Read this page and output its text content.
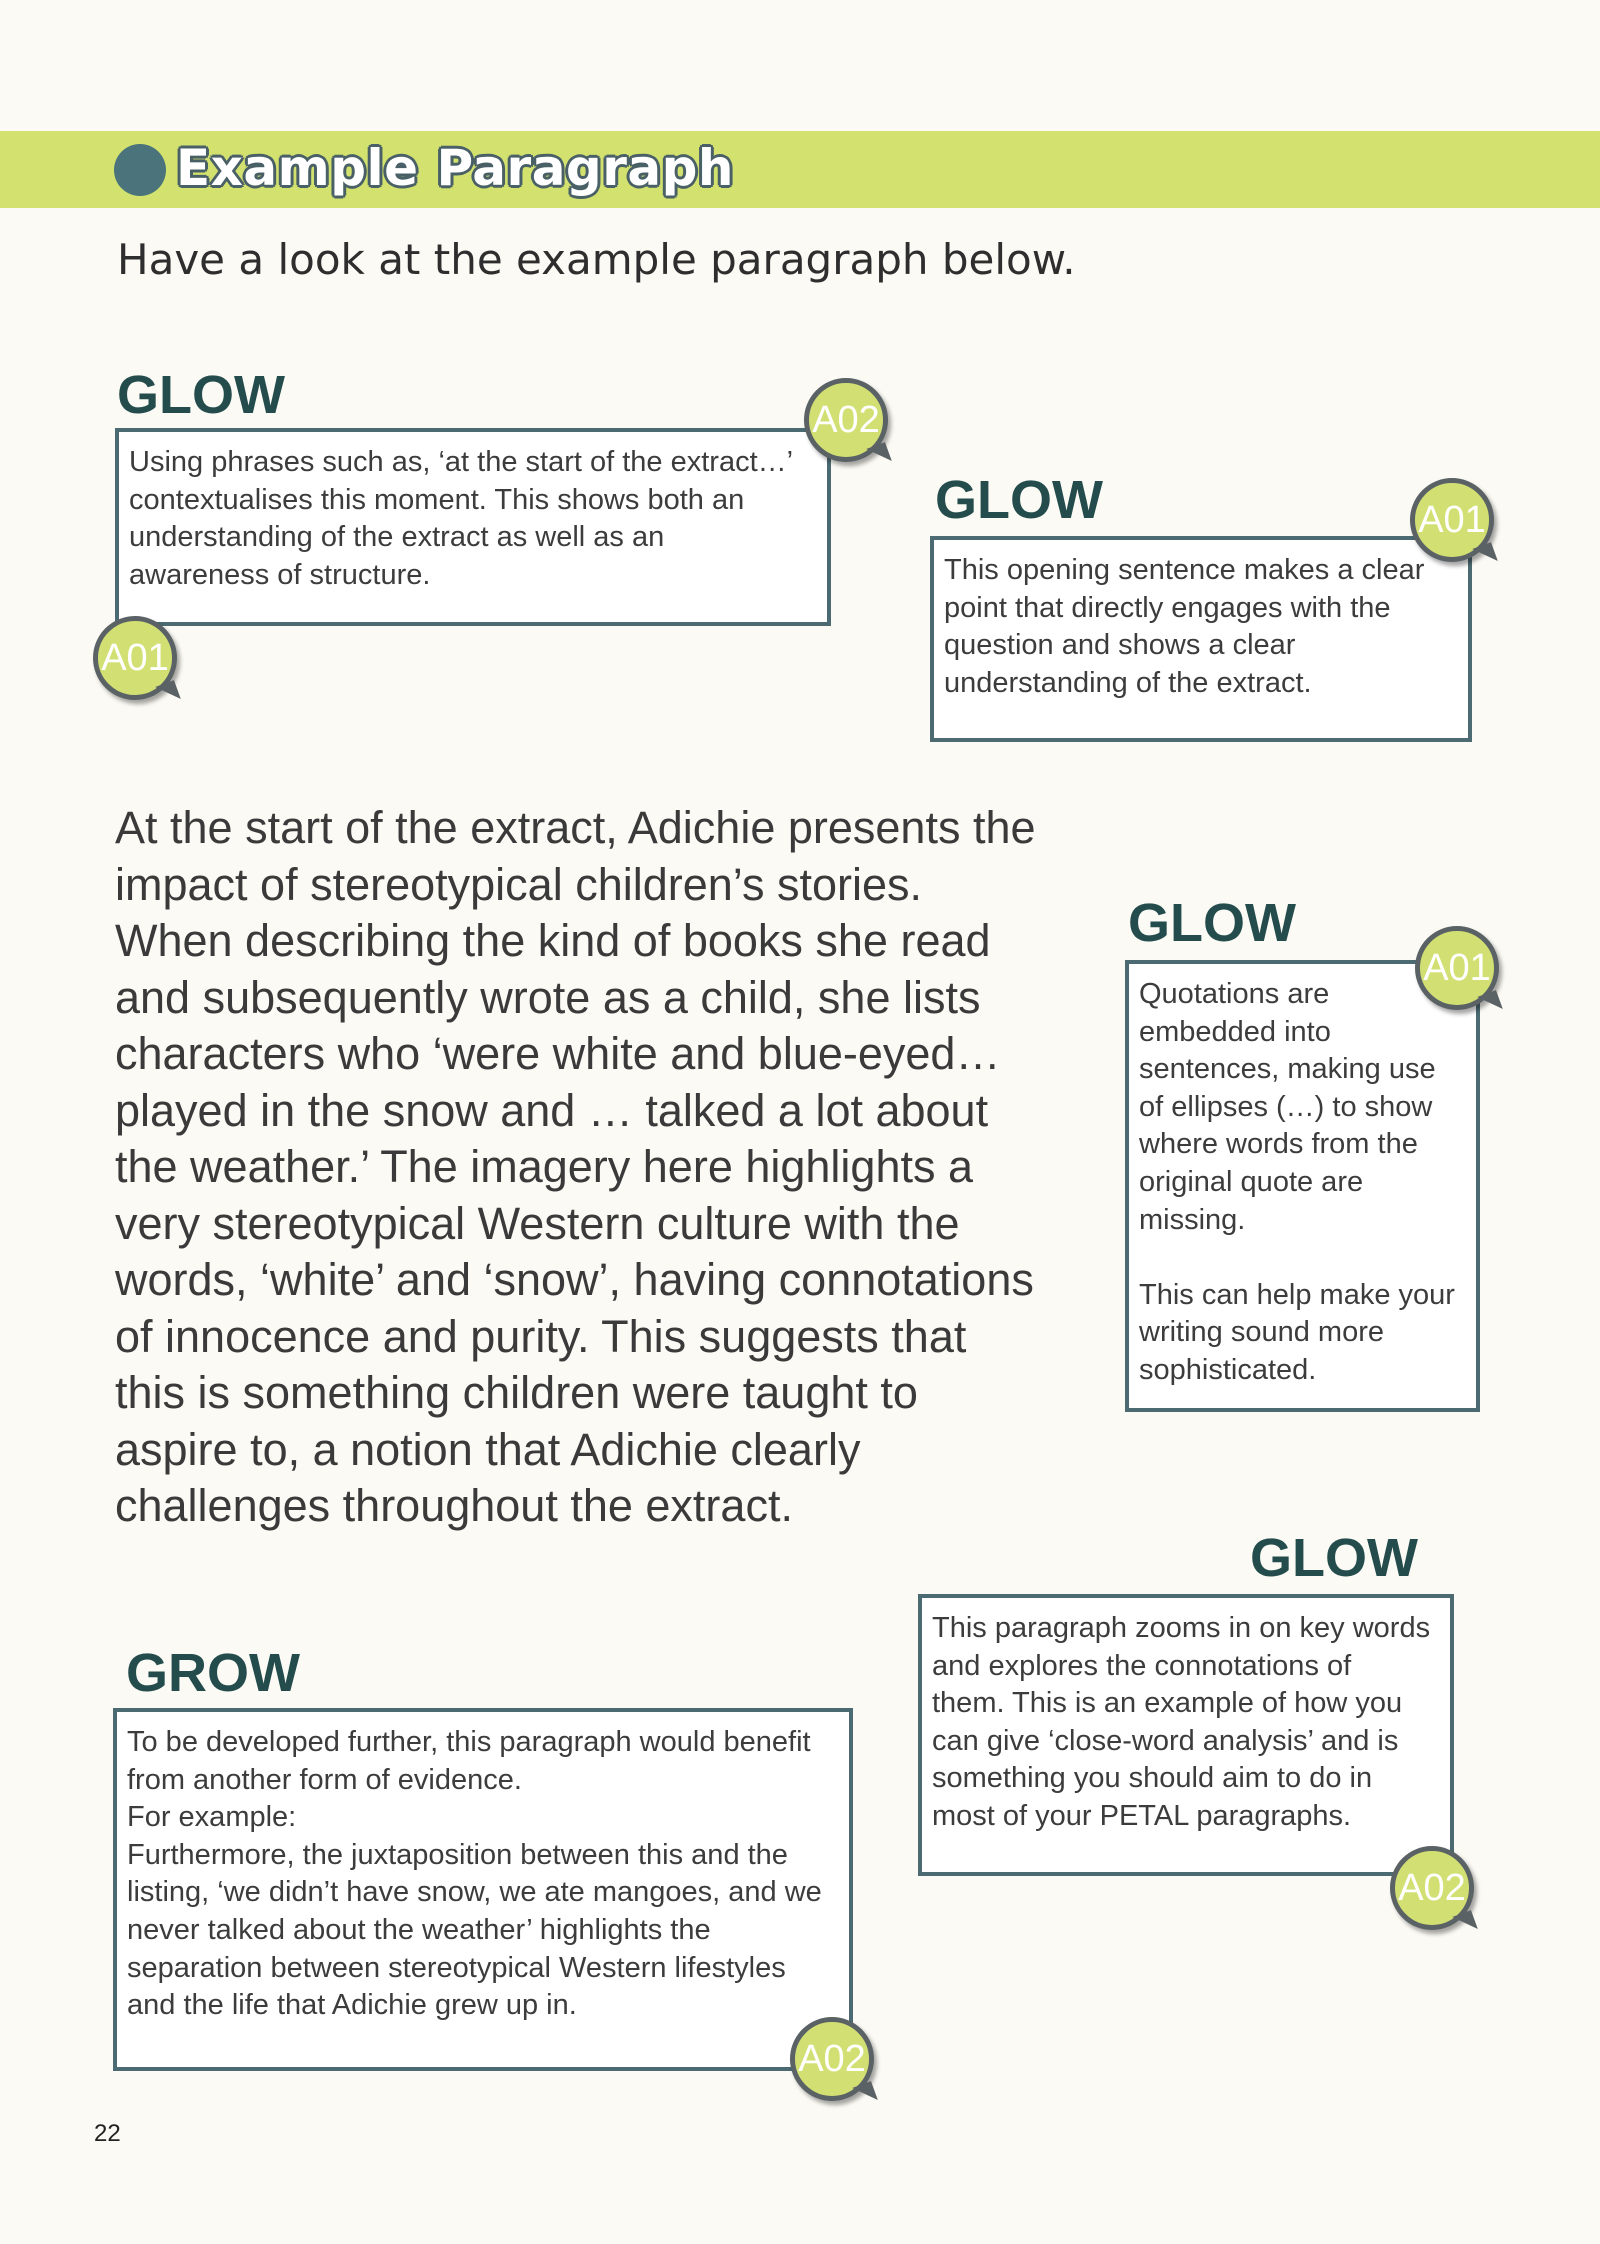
Example Paragraph
Have a look at the example paragraph below.
GLOW
Using phrases such as, ‘at the start of the extract…’
contextualises this moment. This shows both an
understanding of the extract as well as an
awareness of structure.
A02
A01
GLOW
This opening sentence makes a clear
point that directly engages with the
question and shows a clear
understanding of the extract.
A01
At the start of the extract, Adichie presents the
impact of stereotypical children’s stories.
When describing the kind of books she read
and subsequently wrote as a child, she lists
characters who ‘were white and blue-eyed…
played in the snow and … talked a lot about
the weather.’ The imagery here highlights a
very stereotypical Western culture with the
words, ‘white’ and ‘snow’, having connotations
of innocence and purity. This suggests that
this is something children were taught to
aspire to, a notion that Adichie clearly
challenges throughout the extract.
GLOW
Quotations are
embedded into
sentences, making use
of ellipses (…) to show
where words from the
original quote are
missing.
This can help make your
writing sound more
sophisticated.
A01
GLOW
This paragraph zooms in on key words
and explores the connotations of
them. This is an example of how you
can give ‘close-word analysis’ and is
something you should aim to do in
most of your PETAL paragraphs.
A02
GROW
To be developed further, this paragraph would benefit
from another form of evidence.
For example:
Furthermore, the juxtaposition between this and the
listing, ‘we didn’t have snow, we ate mangoes, and we
never talked about the weather’ highlights the
separation between stereotypical Western lifestyles
and the life that Adichie grew up in.
A02
22
